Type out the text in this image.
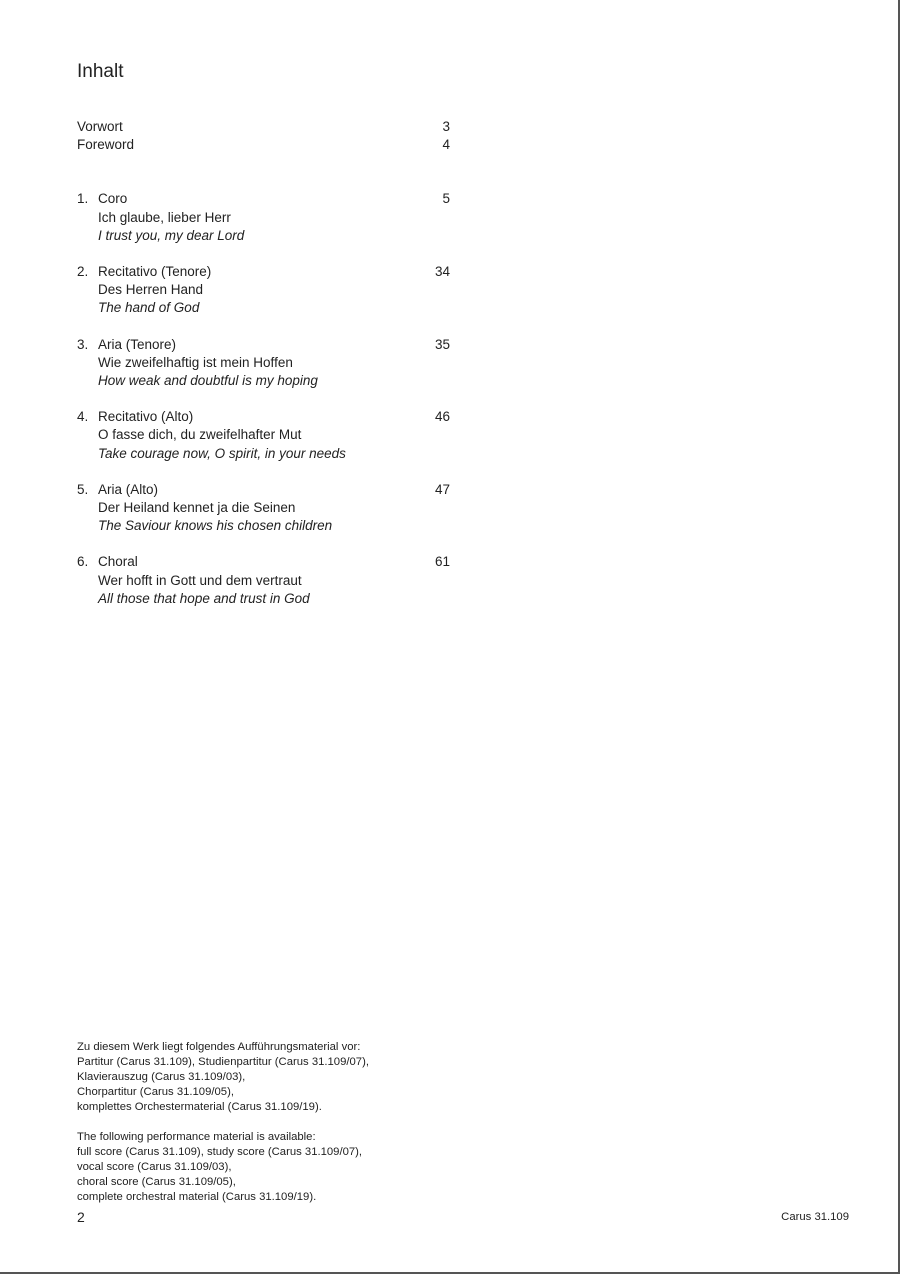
Inhalt
Vorwort	3
Foreword	4
1. Coro	5
Ich glaube, lieber Herr
I trust you, my dear Lord
2. Recitativo (Tenore)	34
Des Herren Hand
The hand of God
3. Aria (Tenore)	35
Wie zweifelhaftig ist mein Hoffen
How weak and doubtful is my hoping
4. Recitativo (Alto)	46
O fasse dich, du zweifelhafter Mut
Take courage now, O spirit, in your needs
5. Aria (Alto)	47
Der Heiland kennet ja die Seinen
The Saviour knows his chosen children
6. Choral	61
Wer hofft in Gott und dem vertraut
All those that hope and trust in God
Zu diesem Werk liegt folgendes Aufführungsmaterial vor:
Partitur (Carus 31.109), Studienpartitur (Carus 31.109/07),
Klavierauszug (Carus 31.109/03),
Chorpartitur (Carus 31.109/05),
komplettes Orchestermaterial (Carus 31.109/19).
The following performance material is available:
full score (Carus 31.109), study score (Carus 31.109/07),
vocal score (Carus 31.109/03),
choral score (Carus 31.109/05),
complete orchestral material (Carus 31.109/19).
2	Carus 31.109
